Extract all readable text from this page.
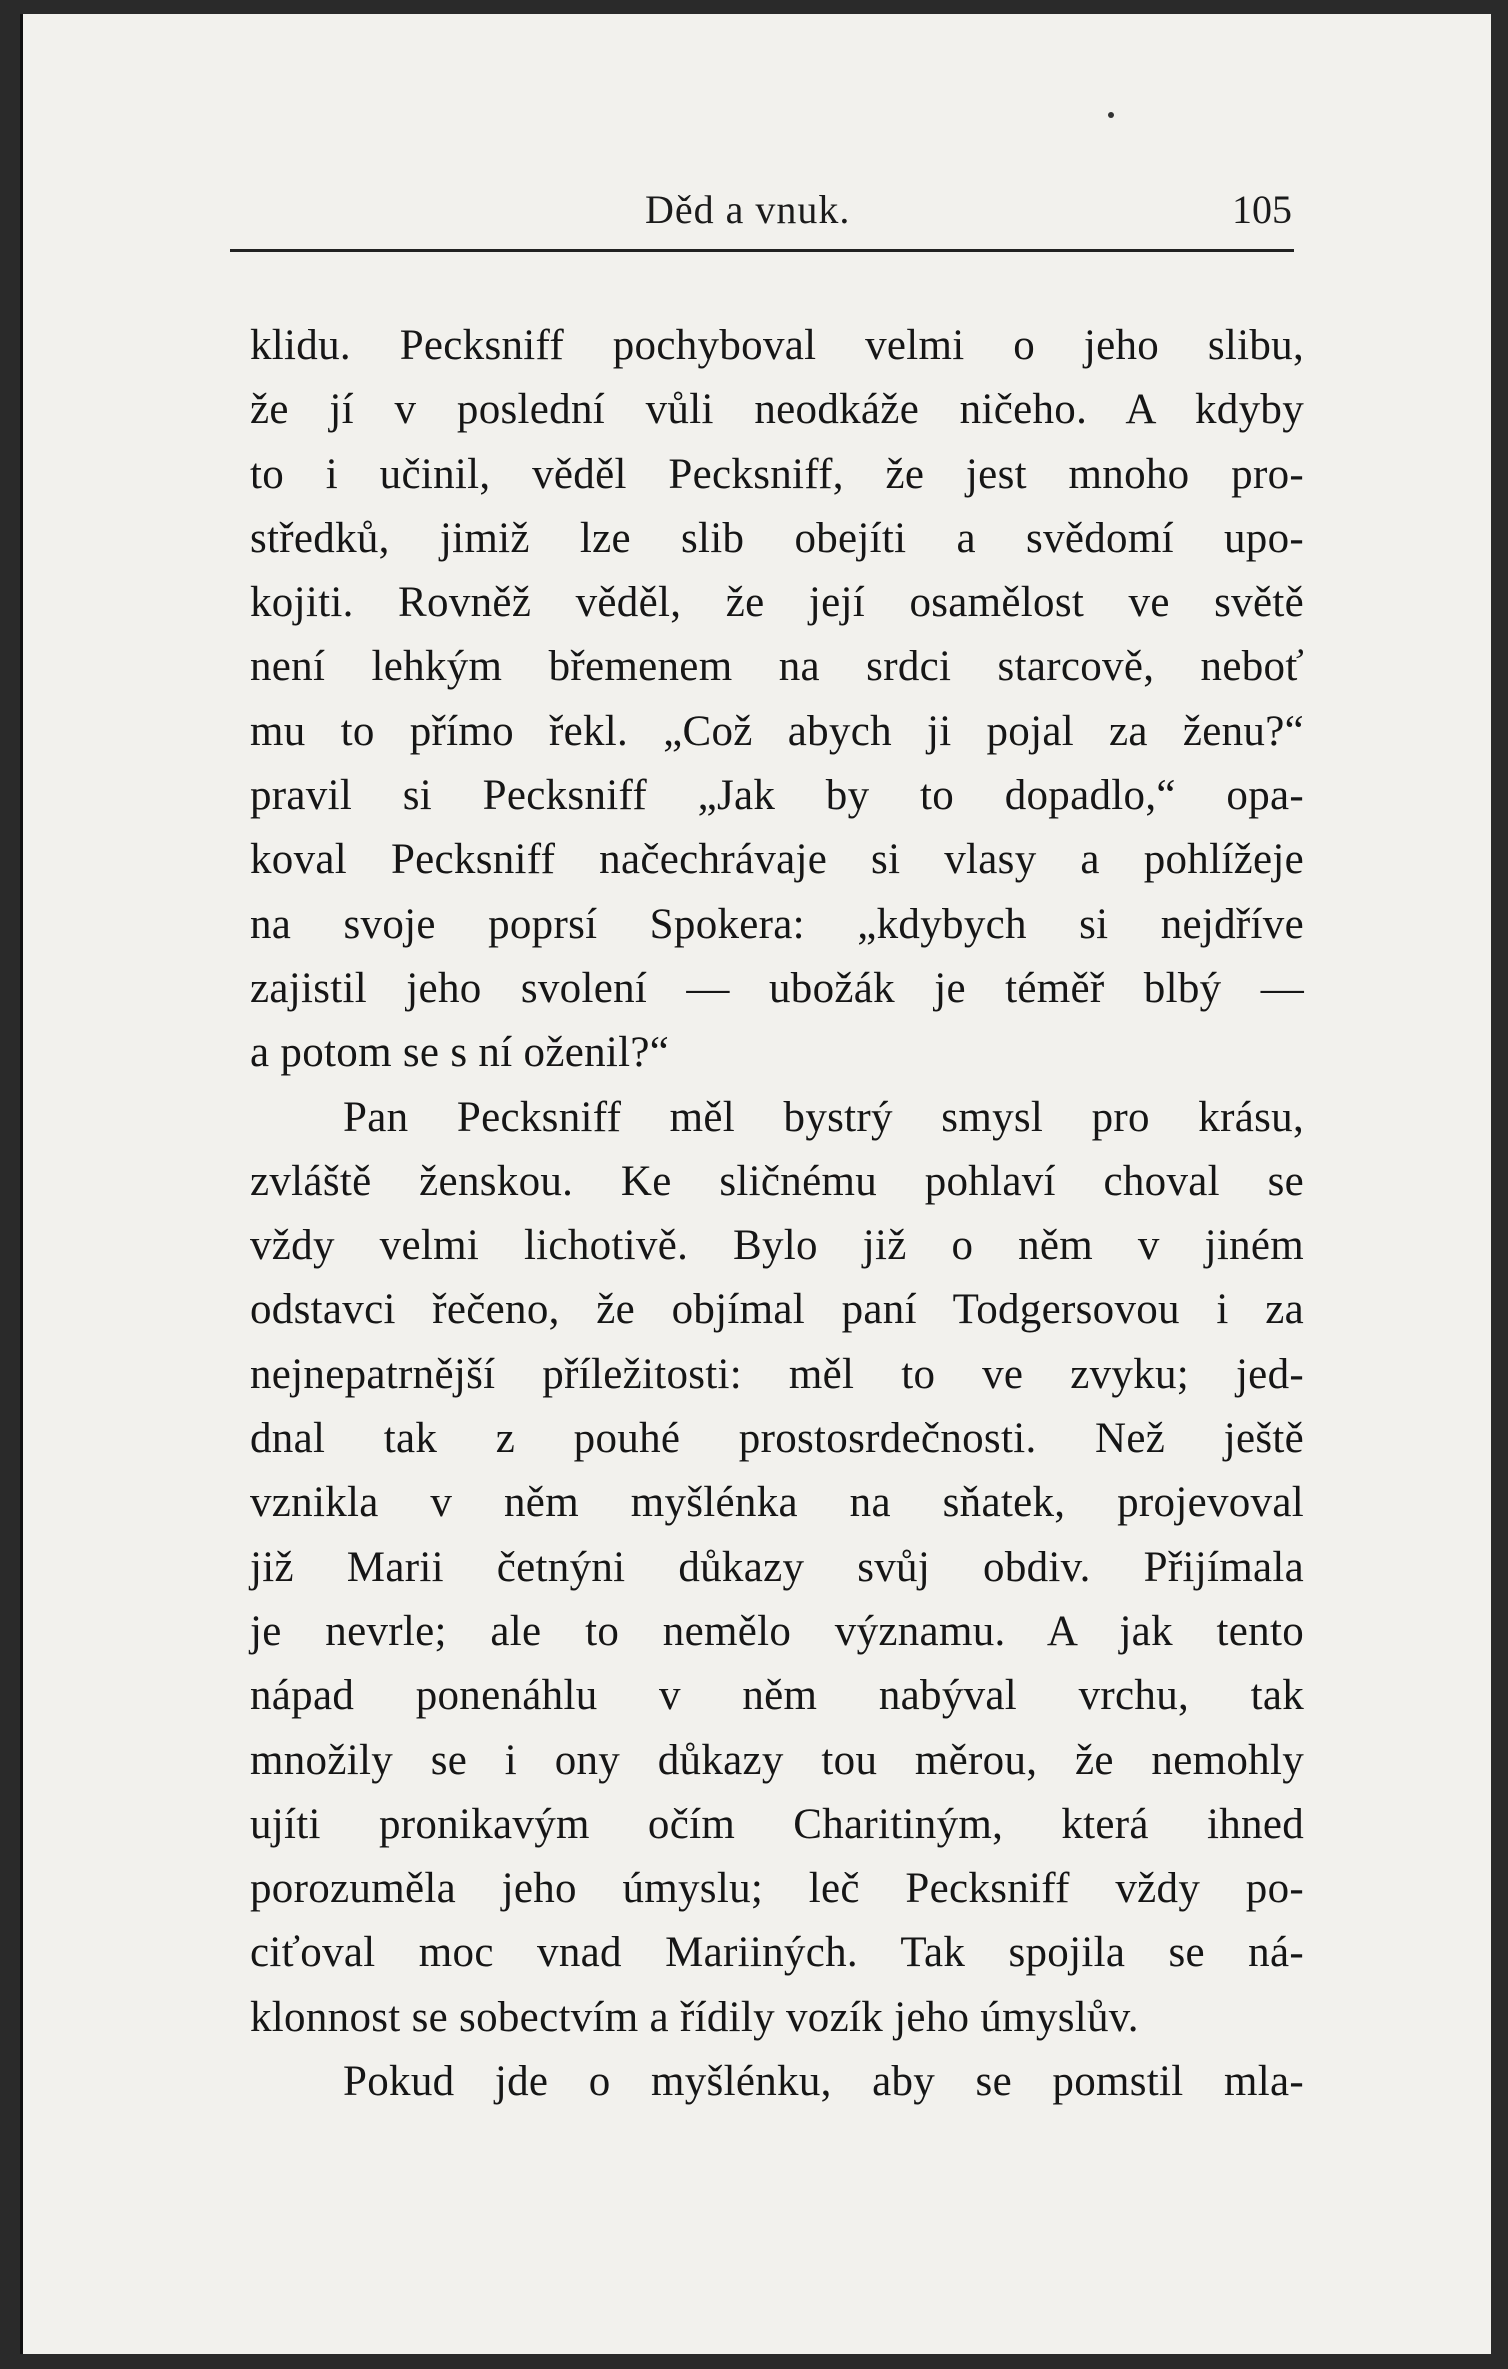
Děd a vnuk.	105
klidu. Pecksniff pochyboval velmi o jeho slibu,
že jí v poslední vůli neodkáže ničeho. A kdyby
to i učinil, věděl Pecksniff, že jest mnoho pro-
středků, jimiž lze slib obejíti a svědomí upo-
kojiti. Rovněž věděl, že její osamělost ve světě
není lehkým břemenem na srdci starcově, neboť
mu to přímo řekl. „Což abych ji pojal za ženu?“
pravil si Pecksniff „Jak by to dopadlo,“ opa-
koval Pecksniff načechrávaje si vlasy a pohlížeje
na svoje poprsí Spokera: „kdybych si nejdříve
zajistil jeho svolení — ubožák je téměř blbý —
a potom se s ní oženil?“
Pan Pecksniff měl bystrý smysl pro krásu,
zvláště ženskou. Ke sličnému pohlaví choval se
vždy velmi lichotivě. Bylo již o něm v jiném
odstavci řečeno, že objímal paní Todgersovou i za
nejnepatrnější příležitosti: měl to ve zvyku; jed-
dnal tak z pouhé prostosrdečnosti. Než ještě
vznikla v něm myšlénka na sňatek, projevoval
již Marii četnýni důkazy svůj obdiv. Přijímala
je nevrle; ale to nemělo významu. A jak tento
nápad ponenáhlu v něm nabýval vrchu, tak
množily se i ony důkazy tou měrou, že nemohly
ujíti pronikavým očím Charitiným, která ihned
porozuměla jeho úmyslu; leč Pecksniff vždy po-
ciťoval moc vnad Mariiných. Tak spojila se ná-
klonnost se sobectvím a řídily vozík jeho úmyslův.
Pokud jde o myšlénku, aby se pomstil mla-
